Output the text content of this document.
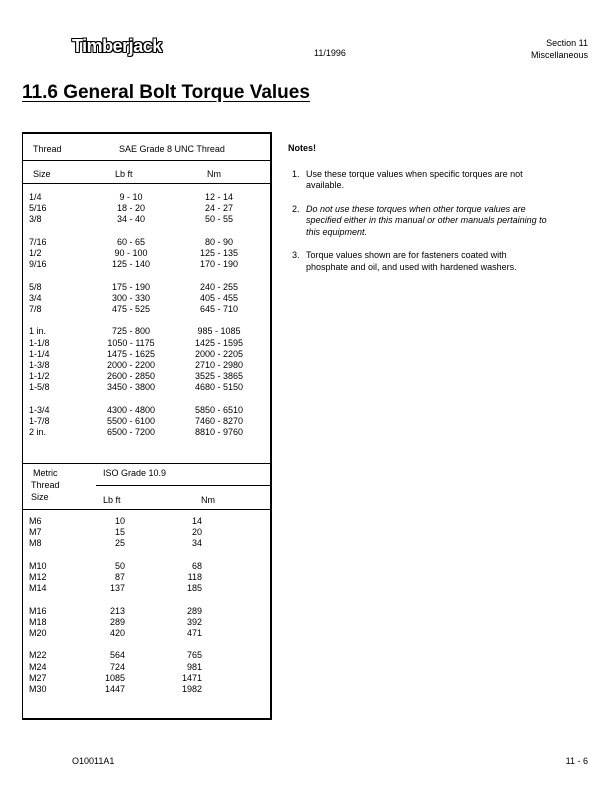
Timberjack	11/1996
Section 11
Miscellaneous
11.6 General Bolt Torque Values
Thread	SAE Grade 8 UNC Thread
Size	Lb ft	Nm
1/4	9 - 10	12 - 14
5/16	18 - 20	24 - 27
3/8	34 - 40	50 - 55
7/16	60 - 65	80 - 90
1/2	90 - 100	125 - 135
9/16	125 - 140	170 - 190
5/8	175 - 190	240 - 255
3/4	300 - 330	405 - 455
7/8	475 - 525	645 - 710
1 in.	725 - 800	985 - 1085
1-1/8	1050 - 1175	1425 - 1595
1-1/4	1475 - 1625	2000 - 2205
1-3/8	2000 - 2200	2710 - 2980
1-1/2	2600 - 2850	3525 - 3865
1-5/8	3450 - 3800	4680 - 5150
1-3/4	4300 - 4800	5850 - 6510
1-7/8	5500 - 6100	7460 - 8270
2 in.	6500 - 7200	8810 - 9760
Metric	ISO Grade 10.9
Thread
Size	Lb ft	Nm
M6	10	14
M7	15	20
M8	25	34
M10	50	68
M12	87	118
M14	137	185
M16	213	289
M18	289	392
M20	420	471
M22	564	765
M24	724	981
M27	1085	1471
M30	1447	1982
Notes!
1. Use these torque values when specific torques are not available.
2. Do not use these torques when other torque values are specified either in this manual or other manuals pertaining to this equipment.
3. Torque values shown are for fasteners coated with phosphate and oil, and used with hardened washers.
O10011A1	11 - 6
